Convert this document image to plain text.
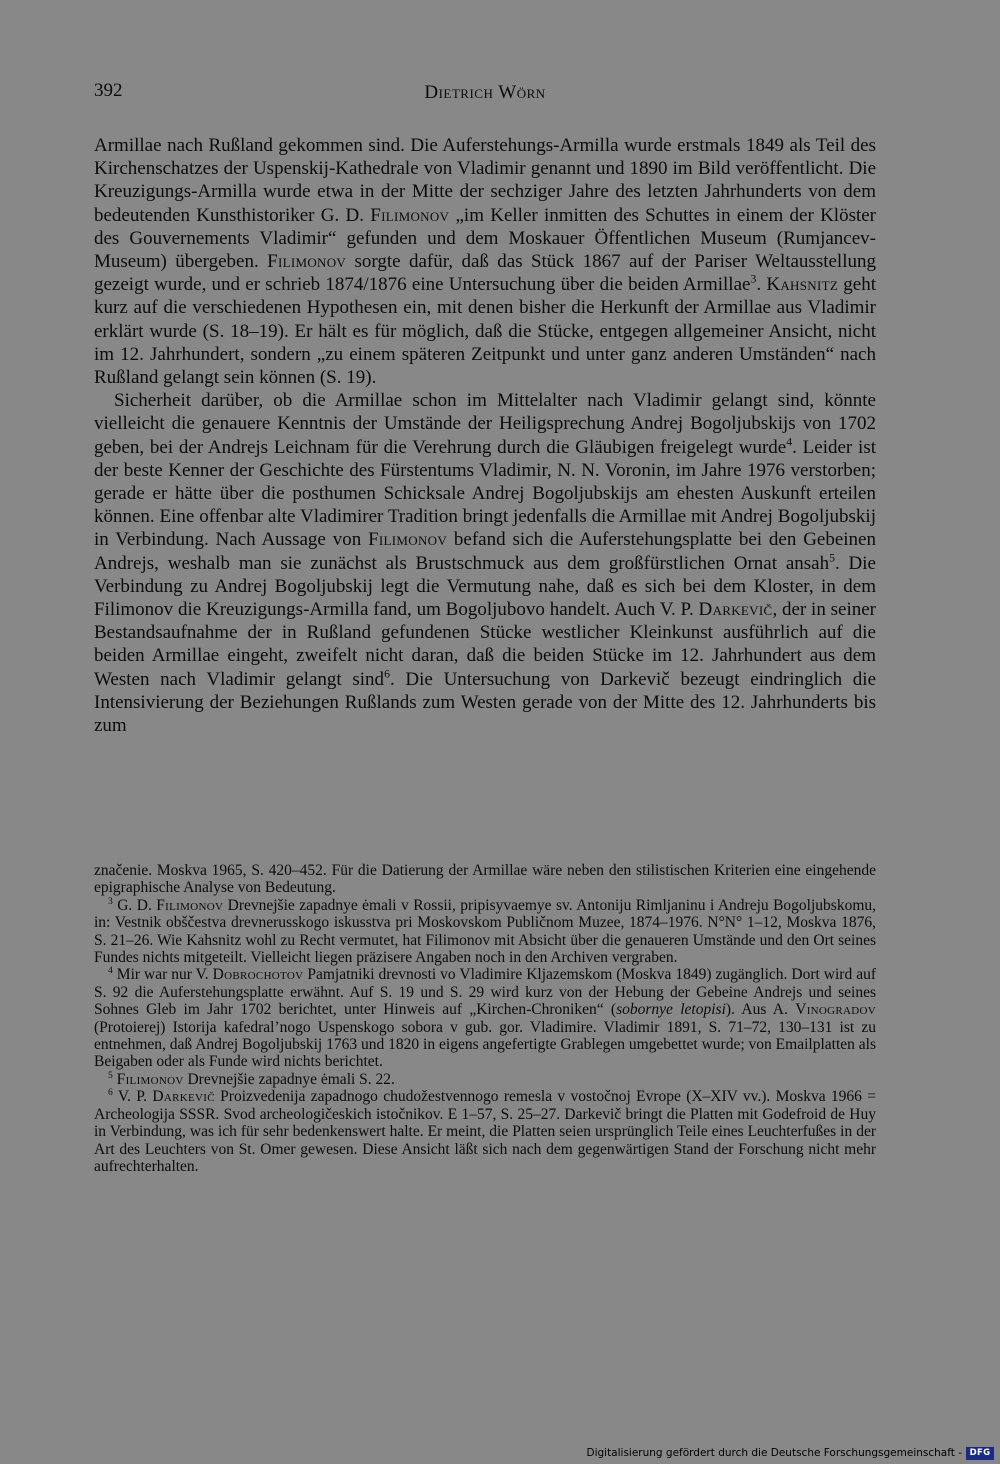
392	Dietrich Wörn

Armillae nach Rußland gekommen sind. Die Auferstehungs-Armilla wurde erstmals 1849 als Teil des Kirchenschatzes der Uspenskij-Kathedrale von Vladimir genannt und 1890 im Bild veröffentlicht. Die Kreuzigungs-Armilla wurde etwa in der Mitte der sechziger Jahre des letzten Jahrhunderts von dem bedeutenden Kunsthistoriker G. D. Filimonov „im Keller inmitten des Schuttes in einem der Klöster des Gouvernements Vladimir“ gefunden und dem Moskauer Öffentlichen Museum (Rumjancev-Museum) übergeben. Filimonov sorgte dafür, daß das Stück 1867 auf der Pariser Weltausstellung gezeigt wurde, und er schrieb 1874/1876 eine Untersuchung über die beiden Armillae$^3$. Kahsnitz geht kurz auf die verschiedenen Hypothesen ein, mit denen bisher die Herkunft der Armillae aus Vladimir erklärt wurde (S. 18–19). Er hält es für möglich, daß die Stücke, entgegen allgemeiner Ansicht, nicht im 12. Jahrhundert, sondern „zu einem späteren Zeitpunkt und unter ganz anderen Umständen“ nach Rußland gelangt sein können (S. 19).

Sicherheit darüber, ob die Armillae schon im Mittelalter nach Vladimir gelangt sind, könnte vielleicht die genauere Kenntnis der Umstände der Heiligsprechung Andrej Bogoljubskijs von 1702 geben, bei der Andrejs Leichnam für die Verehrung durch die Gläubigen freigelegt wurde$^4$. Leider ist der beste Kenner der Geschichte des Fürstentums Vladimir, N. N. Voronin, im Jahre 1976 verstorben; gerade er hätte über die posthumen Schicksale Andrej Bogoljubskijs am ehesten Auskunft erteilen können. Eine offenbar alte Vladimirer Tradition bringt jedenfalls die Armillae mit Andrej Bogoljubskij in Verbindung. Nach Aussage von Filimonov befand sich die Auferstehungsplatte bei den Gebeinen Andrejs, weshalb man sie zunächst als Brustschmuck aus dem großfürstlichen Ornat ansah$^5$. Die Verbindung zu Andrej Bogoljubskij legt die Vermutung nahe, daß es sich bei dem Kloster, in dem Filimonov die Kreuzigungs-Armilla fand, um Bogoljubovo handelt. Auch V. P. Darkevič, der in seiner Bestandsaufnahme der in Rußland gefundenen Stücke westlicher Kleinkunst ausführlich auf die beiden Armillae eingeht, zweifelt nicht daran, daß die beiden Stücke im 12. Jahrhundert aus dem Westen nach Vladimir gelangt sind$^6$. Die Untersuchung von Darkevič bezeugt eindringlich die Intensivierung der Beziehungen Rußlands zum Westen gerade von der Mitte des 12. Jahrhunderts bis zum

značenie. Moskva 1965, S. 420–452. Für die Datierung der Armillae wäre neben den stilistischen Kriterien eine eingehende epigraphische Analyse von Bedeutung.

$^3$ G. D. Filimonov Drevnejšie zapadnye ėmali v Rossii, pripisyvaemye sv. Antoniju Rimljaninu i Andreju Bogoljubskomu, in: Vestnik obščestva drevnerusskogo iskusstva pri Moskovskom Publičnom Muzee, 1874–1976. N°N° 1–12, Moskva 1876, S. 21–26. Wie Kahsnitz wohl zu Recht vermutet, hat Filimonov mit Absicht über die genaueren Umstände und den Ort seines Fundes nichts mitgeteilt. Vielleicht liegen präzisere Angaben noch in den Archiven vergraben.

$^4$ Mir war nur V. Dobrochotov Pamjatniki drevnosti vo Vladimire Kljazemskom (Moskva 1849) zugänglich. Dort wird auf S. 92 die Auferstehungsplatte erwähnt. Auf S. 19 und S. 29 wird kurz von der Hebung der Gebeine Andrejs und seines Sohnes Gleb im Jahr 1702 berichtet, unter Hinweis auf „Kirchen-Chroniken“ (sobornye letopisi). Aus A. Vinogradov (Protoierej) Istorija kafedral’nogo Uspenskogo sobora v gub. gor. Vladimire. Vladimir 1891, S. 71–72, 130–131 ist zu entnehmen, daß Andrej Bogoljubskij 1763 und 1820 in eigens angefertigte Grablegen umgebettet wurde; von Emailplatten als Beigaben oder als Funde wird nichts berichtet.

$^5$ Filimonov Drevnejšie zapadnye ėmali S. 22.

$^6$ V. P. Darkevič Proizvedenija zapadnogo chudožestvennogo remesla v vostočnoj Evrope (X–XIV vv.). Moskva 1966 = Archeologija SSSR. Svod archeologičeskich istočnikov. E 1–57, S. 25–27. Darkevič bringt die Platten mit Godefroid de Huy in Verbindung, was ich für sehr bedenkenswert halte. Er meint, die Platten seien ursprünglich Teile eines Leuchterfußes in der Art des Leuchters von St. Omer gewesen. Diese Ansicht läßt sich nach dem gegenwärtigen Stand der Forschung nicht mehr aufrechterhalten.

Digitalisierung gefördert durch die Deutsche Forschungsgemeinschaft - DFG
